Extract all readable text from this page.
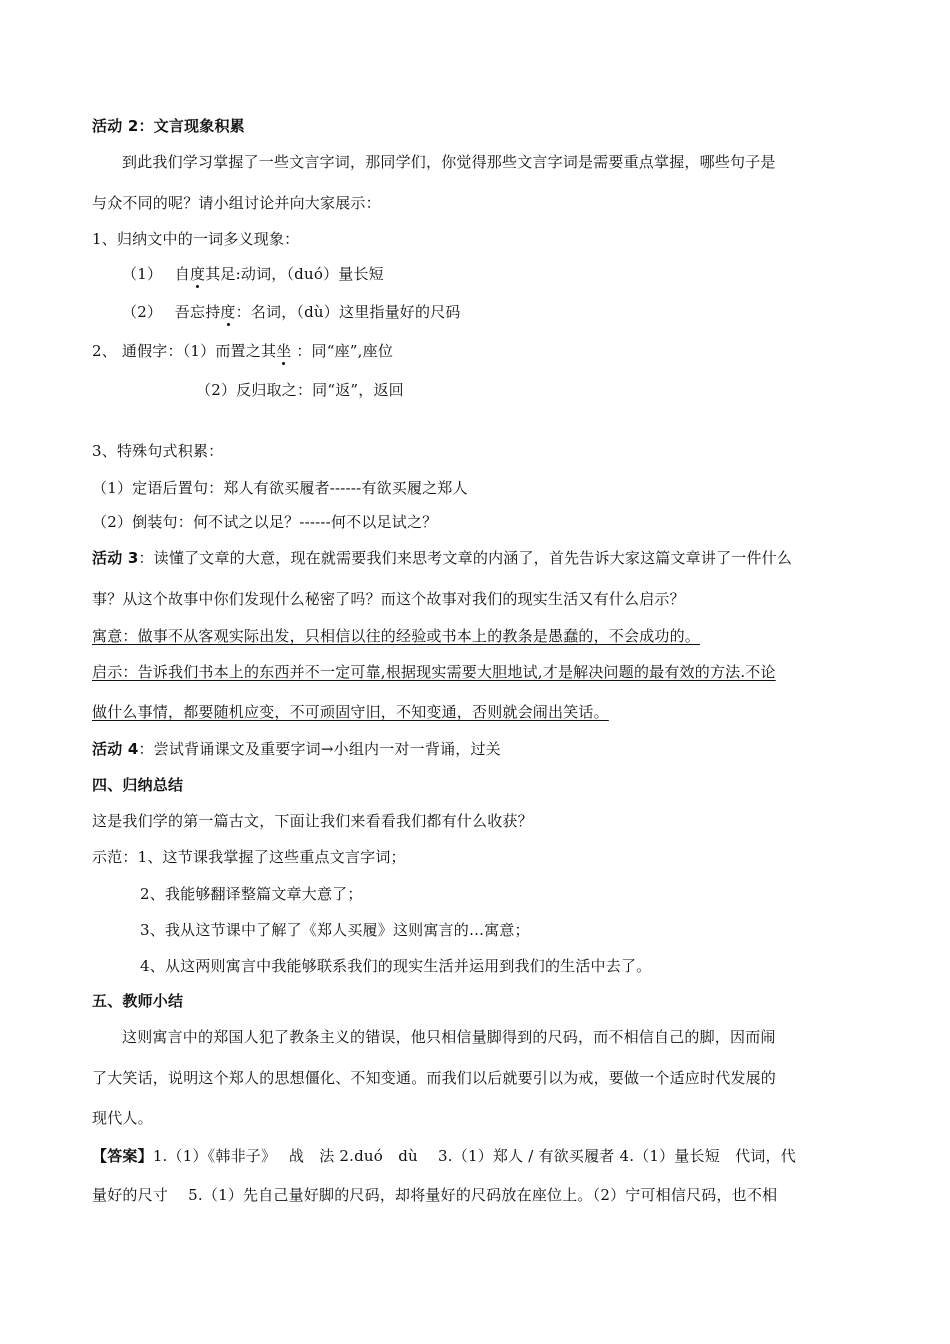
活动 2：文言现象积累
到此我们学习掌握了一些文言字词，那同学们，你觉得那些文言字词是需要重点掌握，哪些句子是
与众不同的呢？请小组讨论并向大家展示：
1、归纳文中的一词多义现象：
（1）　 自度其足:动词，（duó）量长短
（2）　 吾忘持度：名词，（dù）这里指量好的尺码
2、 通假字：（1）而置之其坐 ：同“座”,座位
（2）反归取之：同“返”，返回
3、特殊句式积累：
（1）定语后置句：郑人有欲买履者------有欲买履之郑人
（2）倒装句：何不试之以足？------何不以足试之？
活动 3：读懂了文章的大意，现在就需要我们来思考文章的内涵了，首先告诉大家这篇文章讲了一件什么
事？从这个故事中你们发现什么秘密了吗？而这个故事对我们的现实生活又有什么启示？
寓意：做事不从客观实际出发，只相信以往的经验或书本上的教条是愚蠢的，不会成功的。
启示：告诉我们书本上的东西并不一定可靠,根据现实需要大胆地试,才是解决问题的最有效的方法.不论
做什么事情，都要随机应变，不可顽固守旧，不知变通，否则就会闹出笑话。
活动 4：尝试背诵课文及重要字词→小组内一对一背诵，过关
四、归纳总结
这是我们学的第一篇古文，下面让我们来看看我们都有什么收获？
示范：1、这节课我掌握了这些重点文言字词；
2、我能够翻译整篇文章大意了；
3、我从这节课中了解了《郑人买履》这则寓言的…寓意；
4、从这两则寓言中我能够联系我们的现实生活并运用到我们的生活中去了。
五、教师小结
这则寓言中的郑国人犯了教条主义的错误，他只相信量脚得到的尺码，而不相信自己的脚，因而闹
了大笑话，说明这个郑人的思想僵化、不知变通。而我们以后就要引以为戒，要做一个适应时代发展的
现代人。
【答案】1.（1）《韩非子》　 战　法 2.duó　dù　 3.（1）郑人 / 有欲买履者 4.（1）量长短　代词，代
量好的尺寸　 5.（1）先自己量好脚的尺码，却将量好的尺码放在座位上。（2）宁可相信尺码，也不相
